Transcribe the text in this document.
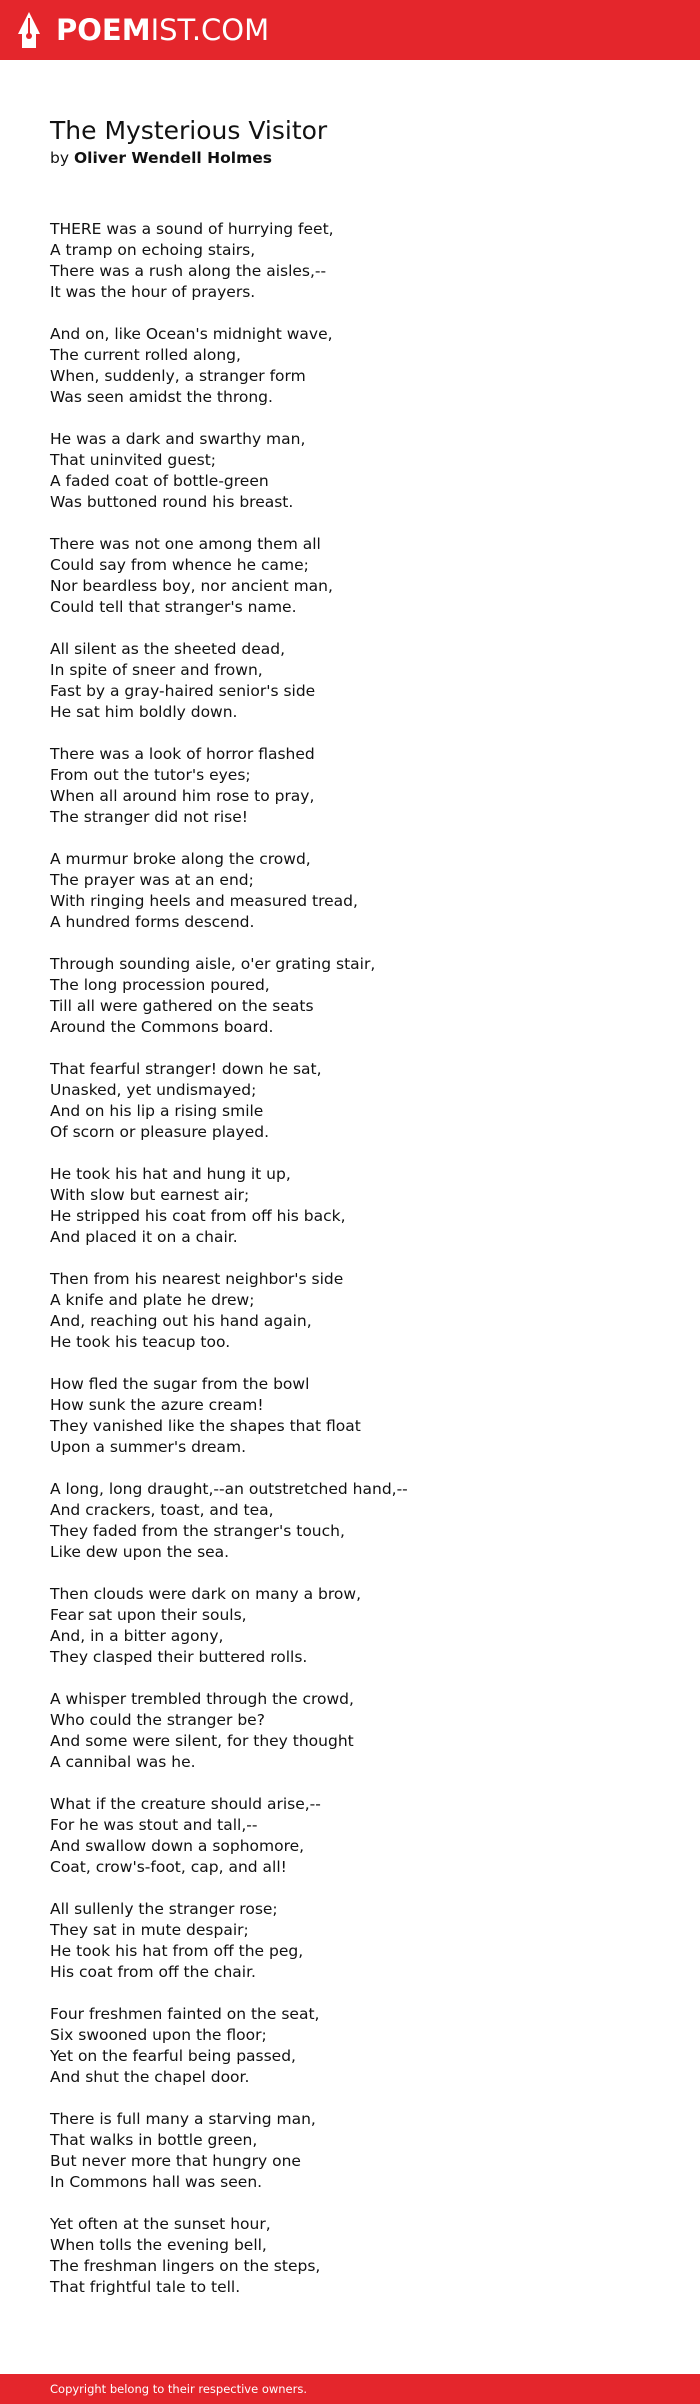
POEMIST.COM
The Mysterious Visitor
by Oliver Wendell Holmes
THERE was a sound of hurrying feet,
A tramp on echoing stairs,
There was a rush along the aisles,--
It was the hour of prayers.
And on, like Ocean's midnight wave,
The current rolled along,
When, suddenly, a stranger form
Was seen amidst the throng.
He was a dark and swarthy man,
That uninvited guest;
A faded coat of bottle-green
Was buttoned round his breast.
There was not one among them all
Could say from whence he came;
Nor beardless boy, nor ancient man,
Could tell that stranger's name.
All silent as the sheeted dead,
In spite of sneer and frown,
Fast by a gray-haired senior's side
He sat him boldly down.
There was a look of horror flashed
From out the tutor's eyes;
When all around him rose to pray,
The stranger did not rise!
A murmur broke along the crowd,
The prayer was at an end;
With ringing heels and measured tread,
A hundred forms descend.
Through sounding aisle, o'er grating stair,
The long procession poured,
Till all were gathered on the seats
Around the Commons board.
That fearful stranger! down he sat,
Unasked, yet undismayed;
And on his lip a rising smile
Of scorn or pleasure played.
He took his hat and hung it up,
With slow but earnest air;
He stripped his coat from off his back,
And placed it on a chair.
Then from his nearest neighbor's side
A knife and plate he drew;
And, reaching out his hand again,
He took his teacup too.
How fled the sugar from the bowl
How sunk the azure cream!
They vanished like the shapes that float
Upon a summer's dream.
A long, long draught,--an outstretched hand,--
And crackers, toast, and tea,
They faded from the stranger's touch,
Like dew upon the sea.
Then clouds were dark on many a brow,
Fear sat upon their souls,
And, in a bitter agony,
They clasped their buttered rolls.
A whisper trembled through the crowd,
Who could the stranger be?
And some were silent, for they thought
A cannibal was he.
What if the creature should arise,--
For he was stout and tall,--
And swallow down a sophomore,
Coat, crow's-foot, cap, and all!
All sullenly the stranger rose;
They sat in mute despair;
He took his hat from off the peg,
His coat from off the chair.
Four freshmen fainted on the seat,
Six swooned upon the floor;
Yet on the fearful being passed,
And shut the chapel door.
There is full many a starving man,
That walks in bottle green,
But never more that hungry one
In Commons hall was seen.
Yet often at the sunset hour,
When tolls the evening bell,
The freshman lingers on the steps,
That frightful tale to tell.
Copyright belong to their respective owners.
